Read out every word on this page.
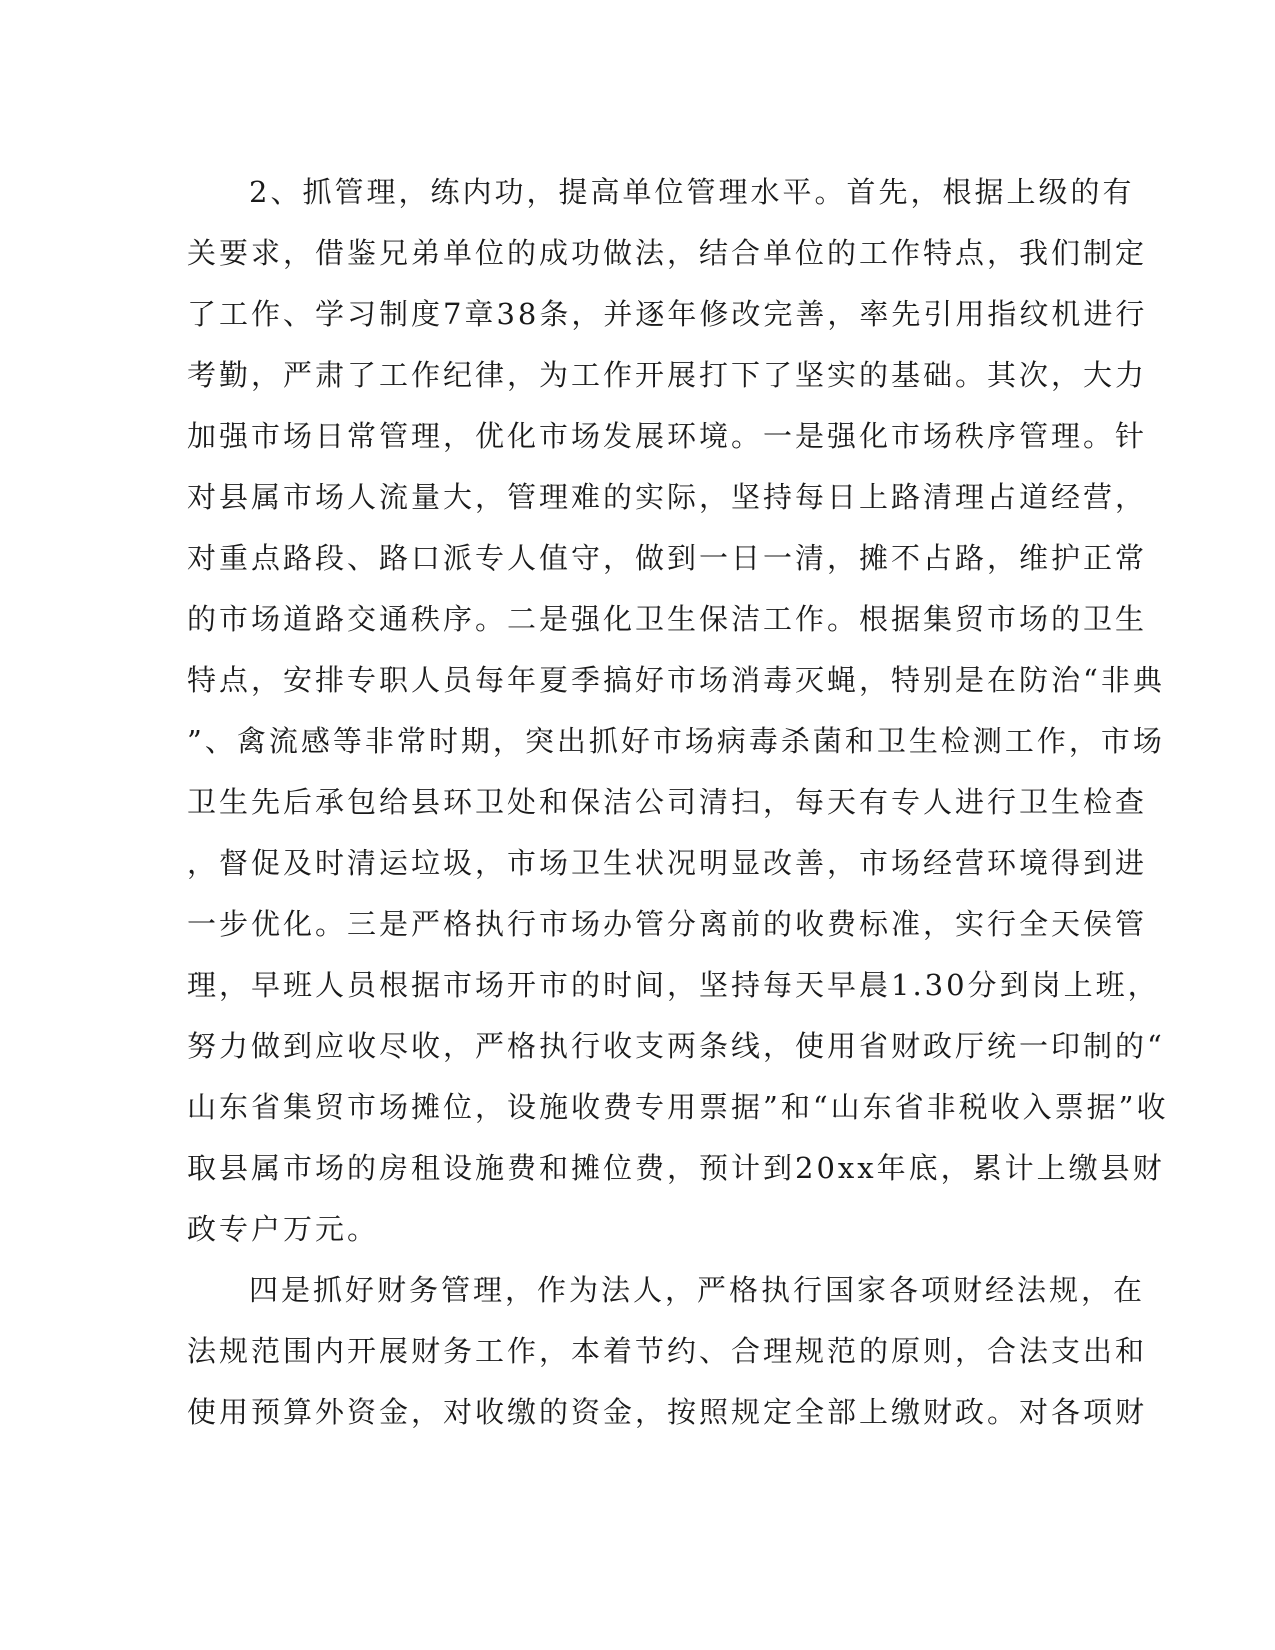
2、抓管理，练内功，提高单位管理水平。首先，根据上级的有
关要求，借鉴兄弟单位的成功做法，结合单位的工作特点，我们制定
了工作、学习制度7章38条，并逐年修改完善，率先引用指纹机进行
考勤，严肃了工作纪律，为工作开展打下了坚实的基础。其次，大力
加强市场日常管理，优化市场发展环境。一是强化市场秩序管理。针
对县属市场人流量大，管理难的实际，坚持每日上路清理占道经营，
对重点路段、路口派专人值守，做到一日一清，摊不占路，维护正常
的市场道路交通秩序。二是强化卫生保洁工作。根据集贸市场的卫生
特点，安排专职人员每年夏季搞好市场消毒灭蝇，特别是在防治“非典
”、禽流感等非常时期，突出抓好市场病毒杀菌和卫生检测工作，市场
卫生先后承包给县环卫处和保洁公司清扫，每天有专人进行卫生检查
，督促及时清运垃圾，市场卫生状况明显改善，市场经营环境得到进
一步优化。三是严格执行市场办管分离前的收费标准，实行全天侯管
理，早班人员根据市场开市的时间，坚持每天早晨1.30分到岗上班，
努力做到应收尽收，严格执行收支两条线，使用省财政厅统一印制的“
山东省集贸市场摊位，设施收费专用票据”和“山东省非税收入票据”收
取县属市场的房租设施费和摊位费，预计到20xx年底，累计上缴县财
政专户万元。
四是抓好财务管理，作为法人，严格执行国家各项财经法规，在
法规范围内开展财务工作，本着节约、合理规范的原则，合法支出和
使用预算外资金，对收缴的资金，按照规定全部上缴财政。对各项财
